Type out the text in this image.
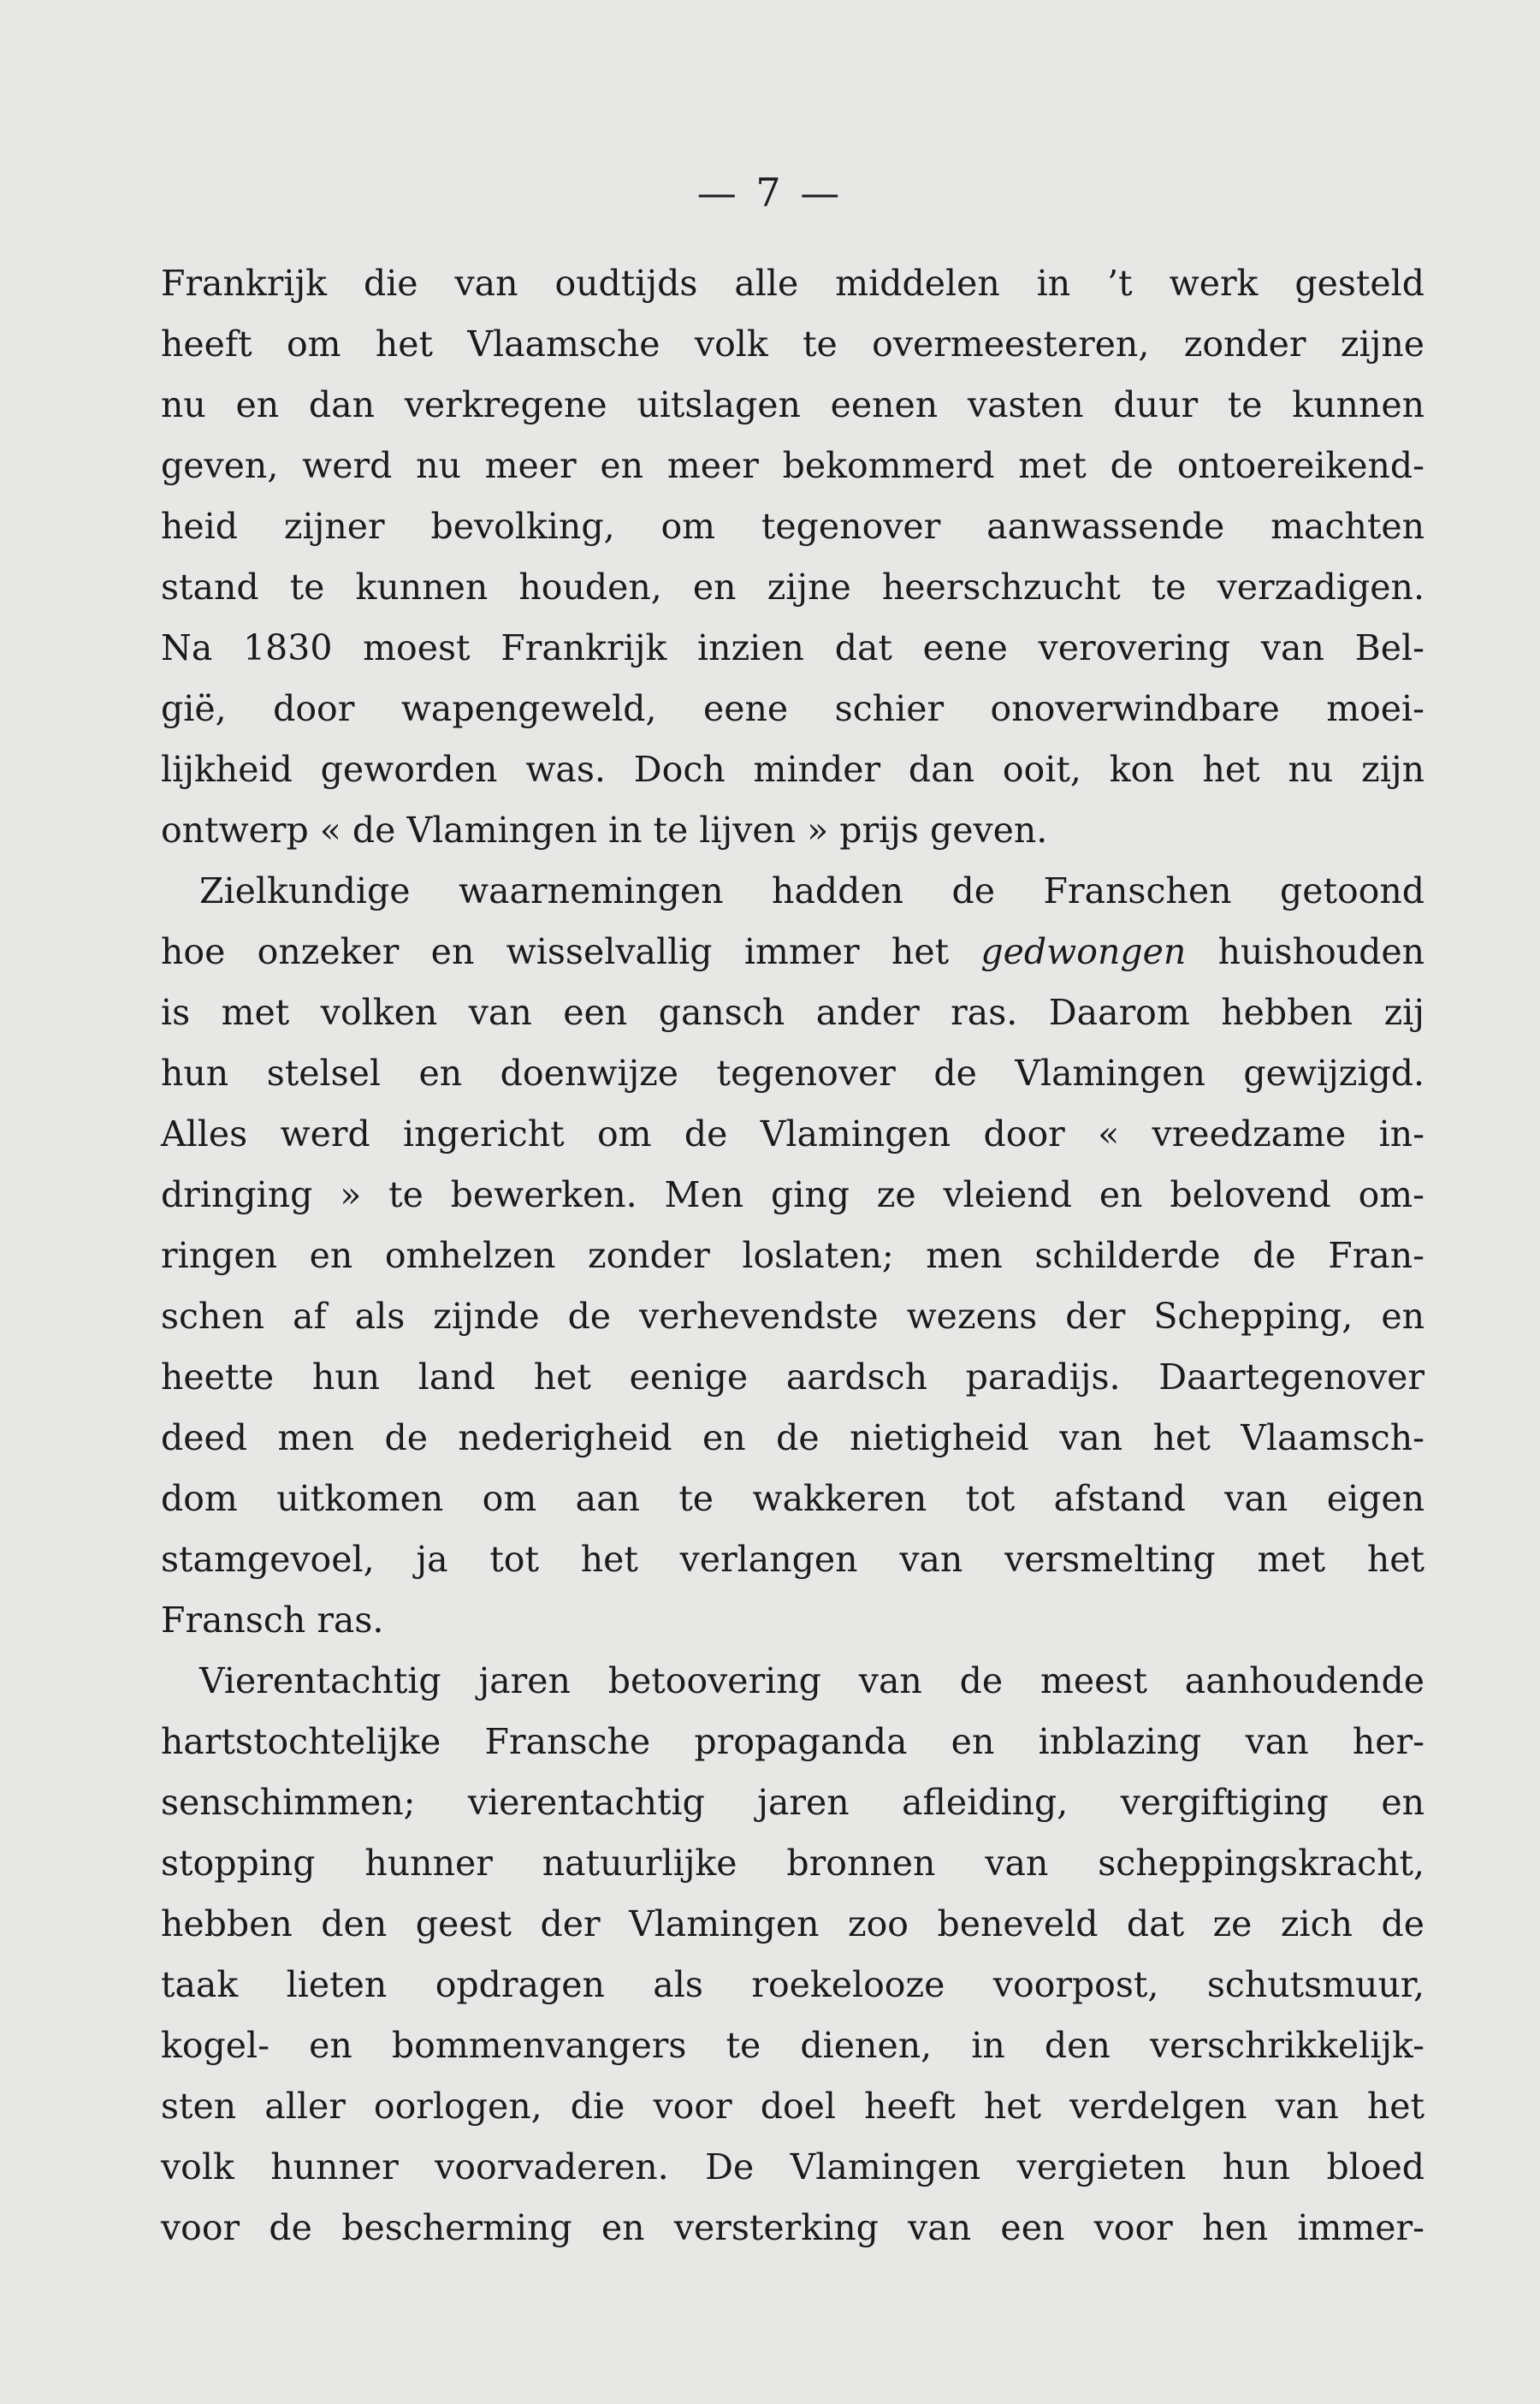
— 7 —
Frankrijk die van oudtijds alle middelen in ’t werk gesteld
heeft om het Vlaamsche volk te overmeesteren, zonder zijne
nu en dan verkregene uitslagen eenen vasten duur te kunnen
geven, werd nu meer en meer bekommerd met de ontoereikend-
heid zijner bevolking, om tegenover aanwassende machten
stand te kunnen houden, en zijne heerschzucht te verzadigen.
Na 1830 moest Frankrijk inzien dat eene verovering van Bel-
gië, door wapengeweld, eene schier onoverwindbare moei-
lijkheid geworden was. Doch minder dan ooit, kon het nu zijn
ontwerp « de Vlamingen in te lijven » prijs geven.
Zielkundige waarnemingen hadden de Franschen getoond
hoe onzeker en wisselvallig immer het gedwongen huishouden
is met volken van een gansch ander ras. Daarom hebben zij
hun stelsel en doenwijze tegenover de Vlamingen gewijzigd.
Alles werd ingericht om de Vlamingen door « vreedzame in-
dringing » te bewerken. Men ging ze vleiend en belovend om-
ringen en omhelzen zonder loslaten; men schilderde de Fran-
schen af als zijnde de verhevendste wezens der Schepping, en
heette hun land het eenige aardsch paradijs. Daartegenover
deed men de nederigheid en de nietigheid van het Vlaamsch-
dom uitkomen om aan te wakkeren tot afstand van eigen
stamgevoel, ja tot het verlangen van versmelting met het
Fransch ras.
Vierentachtig jaren betoovering van de meest aanhoudende
hartstochtelijke Fransche propaganda en inblazing van her-
senschimmen; vierentachtig jaren afleiding, vergiftiging en
stopping hunner natuurlijke bronnen van scheppingskracht,
hebben den geest der Vlamingen zoo beneveld dat ze zich de
taak lieten opdragen als roekelooze voorpost, schutsmuur,
kogel- en bommenvangers te dienen, in den verschrikkelijk-
sten aller oorlogen, die voor doel heeft het verdelgen van het
volk hunner voorvaderen. De Vlamingen vergieten hun bloed
voor de bescherming en versterking van een voor hen immer-
